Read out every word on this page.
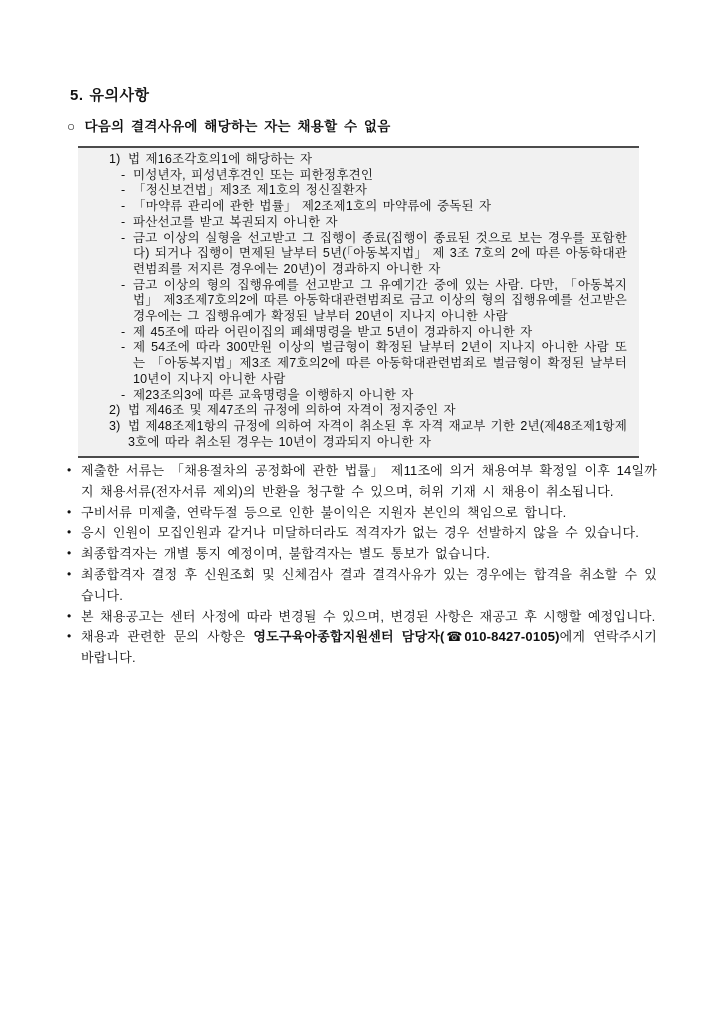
5. 유의사항
○ 다음의 결격사유에 해당하는 자는 채용할 수 없음
1) 법 제16조각호의1에 해당하는 자
- 미성년자, 피성년후견인 또는 피한정후견인
- 「정신보건법」제3조 제1호의 정신질환자
- 「마약류 관리에 관한 법률」 제2조제1호의 마약류에 중독된 자
- 파산선고를 받고 복권되지 아니한 자
- 금고 이상의 실형을 선고받고 그 집행이 종료(집행이 종료된 것으로 보는 경우를 포함한다) 되거나 집행이 면제된 날부터 5년(「아동복지법」 제 3조 7호의 2에 따른 아동학대관련범죄를 저지른 경우에는 20년)이 경과하지 아니한 자
- 금고 이상의 형의 집행유예를 선고받고 그 유예기간 중에 있는 사람. 다만, 「아동복지법」 제3조제7호의2에 따른 아동학대관련범죄로 금고 이상의 형의 집행유예를 선고받은 경우에는 그 집행유예가 확정된 날부터 20년이 지나지 아니한 사람
- 제 45조에 따라 어린이집의 폐쇄명령을 받고 5년이 경과하지 아니한 자
- 제 54조에 따라 300만원 이상의 벌금형이 확정된 날부터 2년이 지나지 아니한 사람 또는 「아동복지법」제3조 제7호의2에 따른 아동학대관련범죄로 벌금형이 확정된 날부터 10년이 지나지 아니한 사람
- 제23조의3에 따른 교육명령을 이행하지 아니한 자
2) 법 제46조 및 제47조의 규정에 의하여 자격이 정지중인 자
3) 법 제48조제1항의 규정에 의하여 자격이 취소된 후 자격 재교부 기한 2년(제48조제1항제3호에 따라 취소된 경우는 10년이 경과되지 아니한 자
• 제출한 서류는 「채용절차의 공정화에 관한 법률」 제11조에 의거 채용여부 확정일 이후 14일까지 채용서류(전자서류 제외)의 반환을 청구할 수 있으며, 허위 기재 시 채용이 취소됩니다.
• 구비서류 미제출, 연락두절 등으로 인한 불이익은 지원자 본인의 책임으로 합니다.
• 응시 인원이 모집인원과 같거나 미달하더라도 적격자가 없는 경우 선발하지 않을 수 있습니다.
• 최종합격자는 개별 통지 예정이며, 불합격자는 별도 통보가 없습니다.
• 최종합격자 결정 후 신원조회 및 신체검사 결과 결격사유가 있는 경우에는 합격을 취소할 수 있습니다.
• 본 채용공고는 센터 사정에 따라 변경될 수 있으며, 변경된 사항은 재공고 후 시행할 예정입니다.
• 채용과 관련한 문의 사항은 영도구육아종합지원센터 담당자(☎010-8427-0105)에게 연락주시기 바랍니다.
